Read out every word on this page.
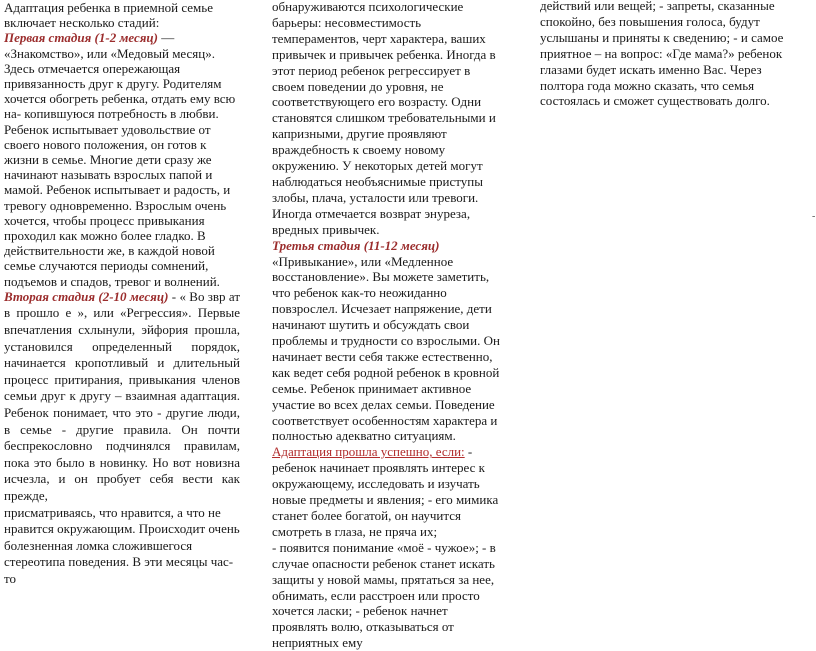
Адаптация ребенка в приемной семье включает несколько стадий:

Первая стадия (1-2 месяц) — «Знакомство», или «Медовый месяц». Здесь отмечается опережающая привязанность друг к другу. Родителям хочется обогреть ребенка, отдать ему всю на- копившуюся потребность в любви. Ребенок испытывает удовольствие от своего нового положения, он готов к жизни в семье. Многие дети сразу же начинают называть взрослых папой и мамой. Ребенок испытывает и радость, и тревогу одновременно. Взрослым очень хочется, чтобы процесс привыкания проходил как можно более гладко. В действительности же, в каждой новой семье случаются периоды сомнений, подъемов и спадов, тревог и волнений.

Вторая стадия (2-10 месяц) - « Во звр ат в прошло е », или «Регрессия». Первые впечатления схлынули, эйфория прошла, установился определенный порядок, начинается кропотливый и длительный процесс притирания, привыкания членов семьи друг к другу – взаимная адаптация. Ребенок понимает, что это - другие люди, в семье - другие правила. Он почти беспрекословно подчинялся правилам, пока это было в новинку. Но вот новизна исчезла, и он пробует себя вести как прежде,

присматриваясь, что нравится, а что не нравится окружающим. Происходит очень болезненная ломка сложившегося стереотипа поведения. В эти месяцы час- то

обнаруживаются психологические барьеры: несовместимость темпераментов, черт характера, ваших привычек и привычек ребенка. Иногда в этот период ребенок регрессирует в своем поведении до уровня, не соответствующего его возрасту. Одни становятся слишком требовательными и капризными, другие проявляют враждебность к своему новому окружению. У некоторых детей могут наблюдаться необъяснимые приступы злобы, плача, усталости или тревоги. Иногда отмечается возврат энуреза, вредных привычек.

Третья стадия (11-12 месяц)
«Привыкание», или «Медленное восстановление». Вы можете заметить, что ребенок как-то неожиданно повзрослел. Исчезает напряжение, дети начинают шутить и обсуждать свои проблемы и трудности со взрослыми. Он начинает вести себя также естественно, как ведет себя родной ребенок в кровной семье. Ребенок принимает активное участие во всех делах семьи. Поведение соответствует особенностям характера и полностью адекватно ситуациям.

Адаптация прошла успешно, если: - ребенок начинает проявлять интерес к окружающему, исследовать и изучать новые предметы и явления; - его мимика станет более богатой, он научится смотреть в глаза, не пряча их;

- появится понимание «моё - чужое»; - в случае опасности ребенок станет искать защиты у новой мамы, прятаться за нее, обнимать, если расстроен или просто хочется ласки; - ребенок начнет проявлять волю, отказываться от неприятных ему

действий или вещей; - запреты, сказанные спокойно, без повышения голоса, будут услышаны и приняты к сведению; - и самое приятное – на вопрос: «Где мама?» ребенок глазами будет искать именно Вас. Через полтора года можно сказать, что семья состоялась и сможет существовать долго.

-
